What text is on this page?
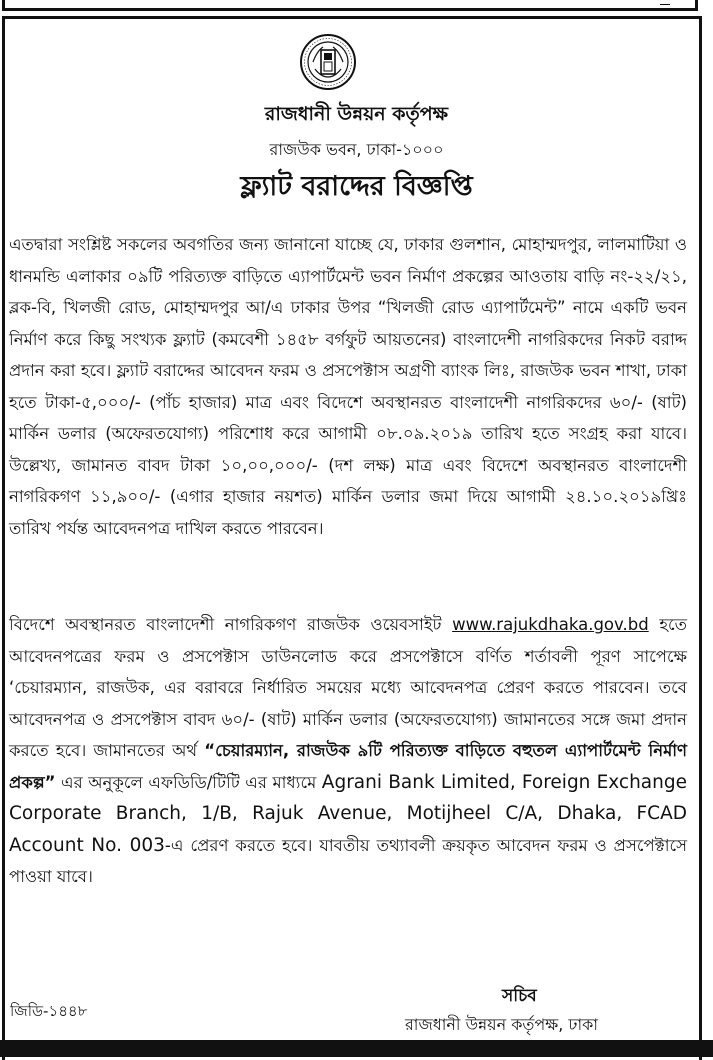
রাজধানী উন্নয়ন কর্তৃপক্ষ
রাজউক ভবন, ঢাকা-১০০০
ফ্ল্যাট বরাদ্দের বিজ্ঞপ্তি
এতদ্বারা সংশ্লিষ্ট সকলের অবগতির জন্য জানানো যাচ্ছে যে, ঢাকার গুলশান, মোহাম্মদপুর, লালমাটিয়া ও ধানমন্ডি এলাকার ০৯টি পরিত্যক্ত বাড়িতে এ্যাপার্টমেন্ট ভবন নির্মাণ প্রকল্পের আওতায় বাড়ি নং-২২/২১, ব্লক-বি, খিলজী রোড, মোহাম্মদপুর আ/এ ঢাকার উপর “খিলজী রোড এ্যাপার্টমেন্ট” নামে একটি ভবন নির্মাণ করে কিছু সংখ্যক ফ্ল্যাট (কমবেশী ১৪৫৮ বর্গফুট আয়তনের) বাংলাদেশী নাগরিকদের নিকট বরাদ্দ প্রদান করা হবে। ফ্ল্যাট বরাদ্দের আবেদন ফরম ও প্রসপেক্টাস অগ্রণী ব্যাংক লিঃ, রাজউক ভবন শাখা, ঢাকা হতে টাকা-৫,০০০/- (পাঁচ হাজার) মাত্র এবং বিদেশে অবস্থানরত বাংলাদেশী নাগরিকদের ৬০/- (ষাট) মার্কিন ডলার (অফেরতযোগ্য) পরিশোধ করে আগামী ০৮.০৯.২০১৯ তারিখ হতে সংগ্রহ করা যাবে। উল্লেখ্য, জামানত বাবদ টাকা ১০,০০,০০০/- (দশ লক্ষ) মাত্র এবং বিদেশে অবস্থানরত বাংলাদেশী নাগরিকগণ ১১,৯০০/- (এগার হাজার নয়শত) মার্কিন ডলার জমা দিয়ে আগামী ২৪.১০.২০১৯খ্রিঃ তারিখ পর্যন্ত আবেদনপত্র দাখিল করতে পারবেন।
বিদেশে অবস্থানরত বাংলাদেশী নাগরিকগণ রাজউক ওয়েবসাইট www.rajukdhaka.gov.bd হতে আবেদনপত্রের ফরম ও প্রসপেক্টাস ডাউনলোড করে প্রসপেক্টাসে বর্ণিত শর্তাবলী পূরণ সাপেক্ষে ‘চেয়ারম্যান, রাজউক, এর বরাবরে নির্ধারিত সময়ের মধ্যে আবেদনপত্র প্রেরণ করতে পারবেন। তবে আবেদনপত্র ও প্রসপেক্টাস বাবদ ৬০/- (ষাট) মার্কিন ডলার (অফেরতযোগ্য) জামানতের সঙ্গে জমা প্রদান করতে হবে। জামানতের অর্থ “চেয়ারম্যান, রাজউক ৯টি পরিত্যক্ত বাড়িতে বহুতল এ্যাপার্টমেন্ট নির্মাণ প্রকল্প” এর অনুকূলে এফডিডি/টিটি এর মাধ্যমে Agrani Bank Limited, Foreign Exchange Corporate Branch, 1/B, Rajuk Avenue, Motijheel C/A, Dhaka, FCAD Account No. 003-এ প্রেরণ করতে হবে। যাবতীয় তথ্যাবলী ক্রয়কৃত আবেদন ফরম ও প্রসপেক্টাসে পাওয়া যাবে।
সচিব
রাজধানী উন্নয়ন কর্তৃপক্ষ, ঢাকা
জিডি-১৪৪৮
